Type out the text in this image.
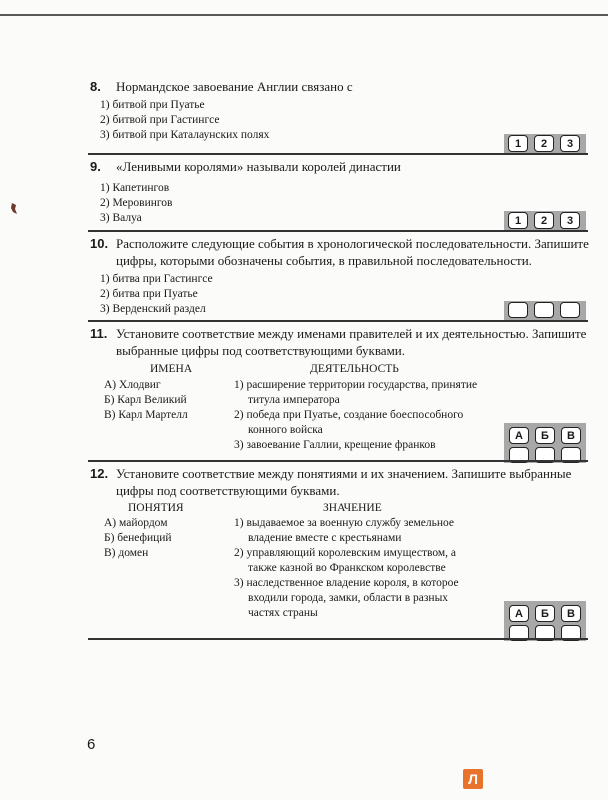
8.	Нормандское завоевание Англии связано с
1) битвой при Пуатье
2) битвой при Гастингсе
3) битвой при Каталаунских полях
1	2	3
9.	«Ленивыми королями» называли королей династии
1) Капетингов
2) Меровингов
3) Валуа	1	2	3
10. Расположите следующие события в хронологической последовательности. Запишите цифры, которыми обозначены события, в правильной последовательности.
1) битва при Гастингсе
2) битва при Пуатье
3) Верденский раздел
11. Установите соответствие между именами правителей и их деятельностью. Запишите выбранные цифры под соответствующими буквами.
ИМЕНА	ДЕЯТЕЛЬНОСТЬ
А) Хлодвиг
Б) Карл Великий
В) Карл Мартелл
1) расширение территории государства, принятие титула императора
2) победа при Пуатье, создание боеспособного конного войска
3) завоевание Галлии, крещение франков
А	Б	В
12. Установите соответствие между понятиями и их значением. Запишите выбранные цифры под соответствующими буквами.
ПОНЯТИЯ	ЗНАЧЕНИЕ
А) майордом
Б) бенефиций
В) домен
1) выдаваемое за военную службу земельное владение вместе с крестьянами
2) управляющий королевским имуществом, а также казной во Франкском королевстве
3) наследственное владение короля, в которое входили города, замки, области в разных частях страны	А	Б	В
6
Л
